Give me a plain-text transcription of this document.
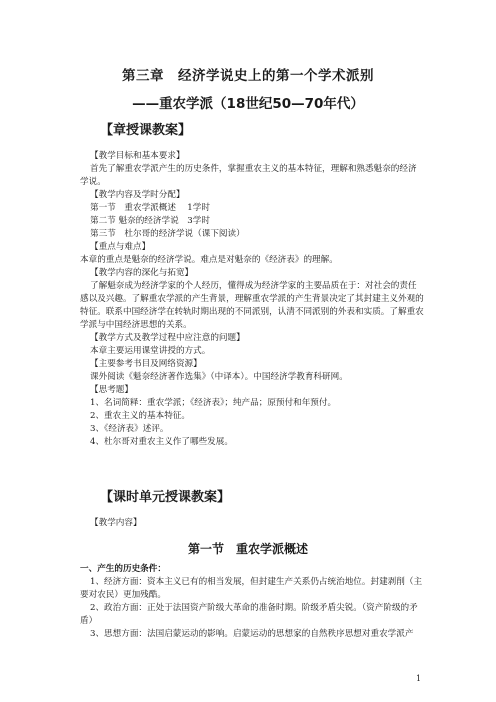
第三章　经济学说史上的第一个学术派别
——重农学派（18世纪50—70年代）
【章授课教案】
【教学目标和基本要求】
首先了解重农学派产生的历史条件，掌握重农主义的基本特征，理解和熟悉魁奈的经济
学说。
【教学内容及学时分配】
第一节　重农学派概述　 1学时
第二节 魁奈的经济学说　3学时
第三节　杜尔哥的经济学说（课下阅读）
【重点与难点】
本章的重点是魁奈的经济学说。难点是对魁奈的《经济表》的理解。
【教学内容的深化与拓宽】
了解魁奈成为经济学家的个人经历，懂得成为经济学家的主要品质在于：对社会的责任
感以及兴趣。了解重农学派的产生背景，理解重农学派的产生背景决定了其封建主义外观的
特征。联系中国经济学在转轨时期出现的不同派别，认清不同派别的外表和实质。了解重农
学派与中国经济思想的关系。
【教学方式及教学过程中应注意的问题】
本章主要运用课堂讲授的方式。
【主要参考书目及网络资源】
课外阅读《魁奈经济著作选集》（中译本）。中国经济学教育科研网。
【思考题】
1、名词简释：重农学派；《经济表》；纯产品；原预付和年预付。
2、重农主义的基本特征。
3、《经济表》述评。
4、杜尔哥对重农主义作了哪些发展。
【课时单元授课教案】
【教学内容】
第一节　重农学派概述
一、产生的历史条件：
1、经济方面：资本主义已有的相当发展，但封建生产关系仍占统治地位。封建剥削（主
要对农民）更加残酷。
2、政治方面：正处于法国资产阶级大革命的准备时期。阶级矛盾尖锐。（资产阶级的矛
盾）
3、思想方面：法国启蒙运动的影响。启蒙运动的思想家的自然秩序思想对重农学派产
1
